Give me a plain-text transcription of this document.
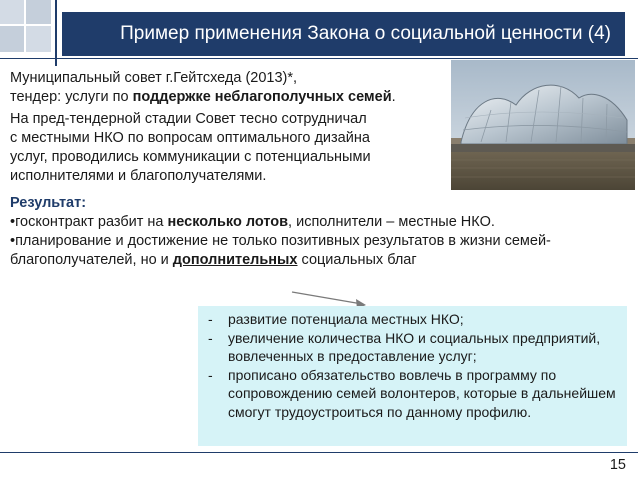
Пример применения Закона о социальной ценности (4)
Муниципальный совет г.Гейтсхеда (2013)*,
тендер: услуги по поддержке неблагополучных семей.
На пред-тендерной стадии Совет тесно сотрудничал
с местными НКО по вопросам оптимального дизайна
услуг, проводились коммуникации с потенциальными
исполнителями и благополучателями.
Результат:
•госконтракт разбит на несколько лотов, исполнители – местные НКО.
•планирование и достижение не только позитивных результатов в жизни семей-
благополучателей, но и дополнительных социальных благ
-	развитие потенциала местных НКО;
-	увеличение количества НКО и социальных предприятий, вовлеченных в предоставление услуг;
-	прописано обязательство вовлечь в программу по сопровождению семей волонтеров, которые в дальнейшем смогут трудоустроиться по данному профилю.
15
